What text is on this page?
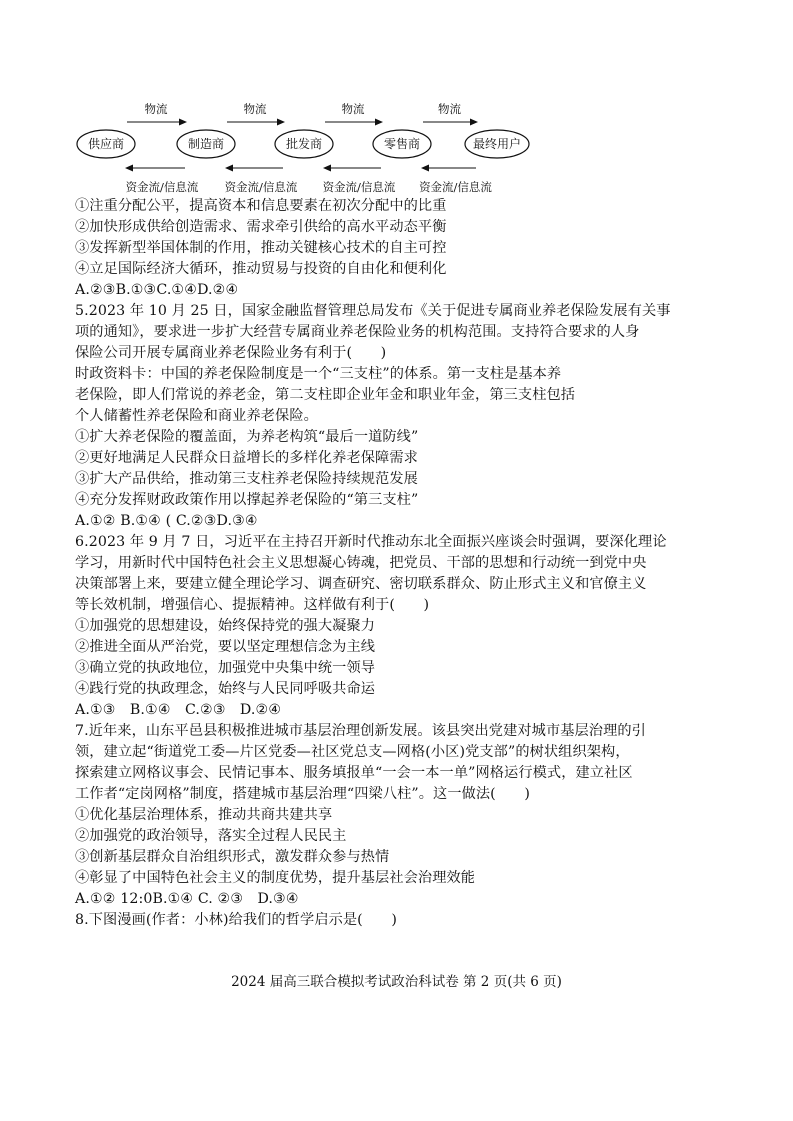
供应商	制造商	批发商	零售商	最终用户
物流
资金流/信息流
物流
资金流/信息流
物流
资金流/信息流
物流
资金流/信息流
①注重分配公平，提高资本和信息要素在初次分配中的比重
②加快形成供给创造需求、需求牵引供给的高水平动态平衡
③发挥新型举国体制的作用，推动关键核心技术的自主可控
④立足国际经济大循环，推动贸易与投资的自由化和便利化
A.②③B.①③C.①④D.②④
5.2023 年 10 月 25 日，国家金融监督管理总局发布《关于促进专属商业养老保险发展有关事
项的通知》，要求进一步扩大经营专属商业养老保险业务的机构范围。支持符合要求的人身
保险公司开展专属商业养老保险业务有利于(　　)
时政资料卡：中国的养老保险制度是一个“三支柱”的体系。第一支柱是基本养
老保险，即人们常说的养老金，第二支柱即企业年金和职业年金，第三支柱包括
个人储蓄性养老保险和商业养老保险。
①扩大养老保险的覆盖面，为养老构筑“最后一道防线”
②更好地满足人民群众日益增长的多样化养老保障需求
③扩大产品供给，推动第三支柱养老保险持续规范发展
④充分发挥财政政策作用以撑起养老保险的“第三支柱”
A.①② B.①④ ( C.②③D.③④
6.2023 年 9 月 7 日，习近平在主持召开新时代推动东北全面振兴座谈会时强调，要深化理论
学习，用新时代中国特色社会主义思想凝心铸魂，把党员、干部的思想和行动统一到党中央
决策部署上来，要建立健全理论学习、调查研究、密切联系群众、防止形式主义和官僚主义
等长效机制，增强信心、提振精神。这样做有利于(　　)
①加强党的思想建设，始终保持党的强大凝聚力
②推进全面从严治党，要以坚定理想信念为主线
③确立党的执政地位，加强党中央集中统一领导
④践行党的执政理念，始终与人民同呼吸共命运
A.①③　B.①④　C.②③　D.②④
7.近年来，山东平邑县积极推进城市基层治理创新发展。该县突出党建对城市基层治理的引
领，建立起“街道党工委—片区党委—社区党总支—网格(小区)党支部”的树状组织架构，
探索建立网格议事会、民情记事本、服务填报单“一会一本一单”网格运行模式，建立社区
工作者“定岗网格”制度，搭建城市基层治理“四梁八柱”。这一做法(　　)
①优化基层治理体系，推动共商共建共享
②加强党的政治领导，落实全过程人民民主
③创新基层群众自治组织形式，激发群众参与热情
④彰显了中国特色社会主义的制度优势，提升基层社会治理效能
A.①② 12:0B.①④ C. ②③　D.③④
8.下图漫画(作者：小林)给我们的哲学启示是(　　)
2024 届高三联合模拟考试政治科试卷 第 2 页(共 6 页)
